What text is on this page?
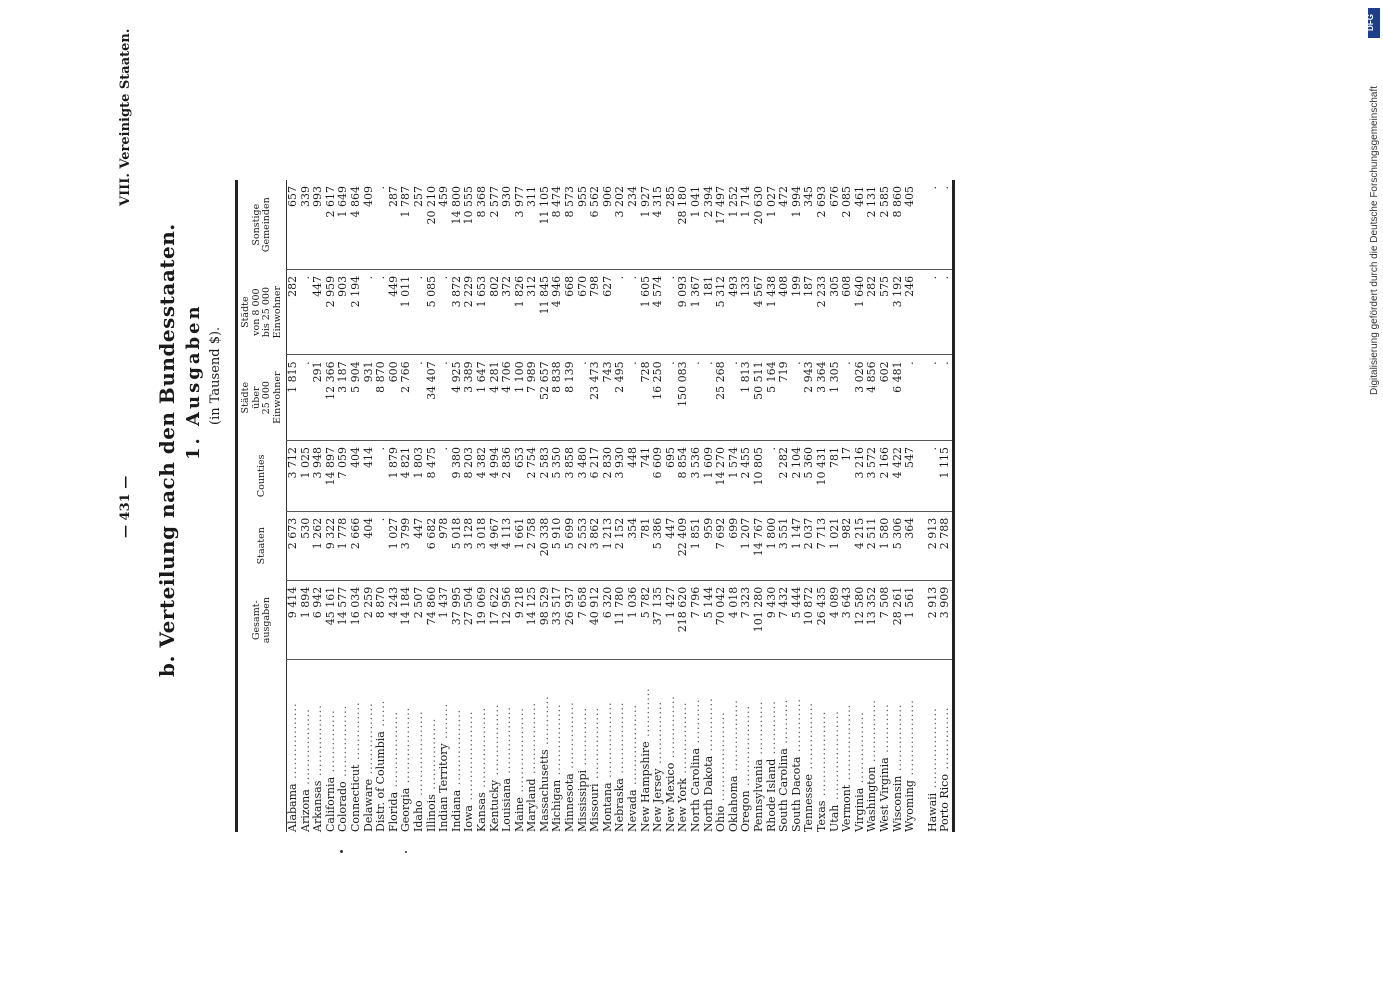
— 431 —
VIII. Vereinigte Staaten.
b. Verteilung nach den Bundesstaaten. 1. Ausgaben (in Tausend $).
	Gesamt-
ausgaben	Staaten	Counties	Städte
über
25 000
Einwohner	Städte
von 8 000
bis 25 000
Einwohner	Sonstige
Gemeinden
Alabama .................	9 414	2 673	3 712	1 815	282	657
Arizona .................	1 894	530	1 025	.	.	339
Arkansas ................	6 942	1 262	3 948	291	447	993
California ..............	45 161	9 322	14 897	12 366	2 959	2 617
Colorado ................	14 577	1 778	7 059	3 187	903	1 649
Connecticut .............	16 034	2 666	404	5 904	2 194	4 864
Delaware ................	2 259	404	414	931	.	409
Distr. of Columbia ......	8 870	.	.	8 870	.	.
Florida .................	4 243	1 027	1 879	600	449	287
Georgia .................	14 184	3 799	4 821	2 766	1 011	1 787
Idaho ...................	2 507	447	1 803	.	.	257
Illinois ................	74 860	6 682	8 475	34 407	5 085	20 210
Indian Territory ........	1 437	978	.	.	.	459
Indiana .................	37 995	5 018	9 380	4 925	3 872	14 800
Iowa ....................	27 504	3 128	8 203	3 389	2 229	10 555
Kansas ..................	19 069	3 018	4 382	1 647	1 653	8 368
Kentucky ................	17 622	4 967	4 994	4 281	802	2 577
Louisiana ...............	12 956	4 113	2 836	4 706	372	930
Maine ...................	9 218	1 661	653	1 100	1 826	3 977
Maryland ................	14 125	2 758	2 754	7 989	312	311
Massachusetts ...........	98 529	20 338	2 583	52 657	11 845	11 105
Michigan ................	33 517	5 910	5 350	8 838	4 946	8 474
Minnesota ...............	26 937	5 699	3 858	8 139	668	8 573
Mississippi .............	7 658	2 553	3 480	.	670	955
Missouri ................	40 912	3 862	6 217	23 473	798	6 562
Montana .................	6 320	1 213	2 830	743	627	906
Nebraska ................	11 780	2 152	3 930	2 495	.	3 202
Nevada ..................	1 036	354	448	.	.	234
New Hampshire ...........	5 782	781	741	728	1 605	1 927
New Jersey ..............	37 135	5 386	6 609	16 250	4 574	4 315
New Mexico ..............	1 427	447	695	.	.	285
New York ................	218 620	22 409	8 854	150 083	9 093	28 180
North Carolina ..........	7 796	1 851	3 536	.	1 367	1 041
North Dakota ............	5 144	959	1 609	.	181	2 394
Ohio ....................	70 042	7 692	14 270	25 268	5 312	17 497
Oklahoma ................	4 018	699	1 574	.	493	1 252
Oregon ..................	7 323	1 207	2 455	1 813	133	1 714
Pennsylvania ............	101 280	14 767	10 805	50 511	4 567	20 630
Rhode Island ............	9 430	1 800	.	5 164	1 438	1 027
South Carolina ..........	7 432	3 551	2 282	719	408	472
South Dacota ............	5 444	1 147	2 104	.	199	1 994
Tennessee ...............	10 872	2 037	5 360	2 943	187	345
Texas ...................	26 435	7 713	10 431	3 364	2 233	2 693
Utah ....................	4 089	1 021	781	1 305	305	676
Vermont .................	3 643	982	17	.	608	2 085
Virginia ................	12 580	4 215	3 216	3 026	1 640	461
Washington ..............	13 352	2 511	3 572	4 856	282	2 131
West Virginia ...........	7 508	1 580	2 166	602	575	2 585
Wisconsin ...............	28 261	5 306	4 422	6 481	3 192	8 860
Wyoming .................	1 561	364	547	.	246	405

Hawaii ..................	2 913	2 913	.	.	.	.
Porto Rico ..............	3 909	2 788	1 115	.	.	.
DFG
Digitalisierung gefördert durch die Deutsche Forschungsgemeinschaft
